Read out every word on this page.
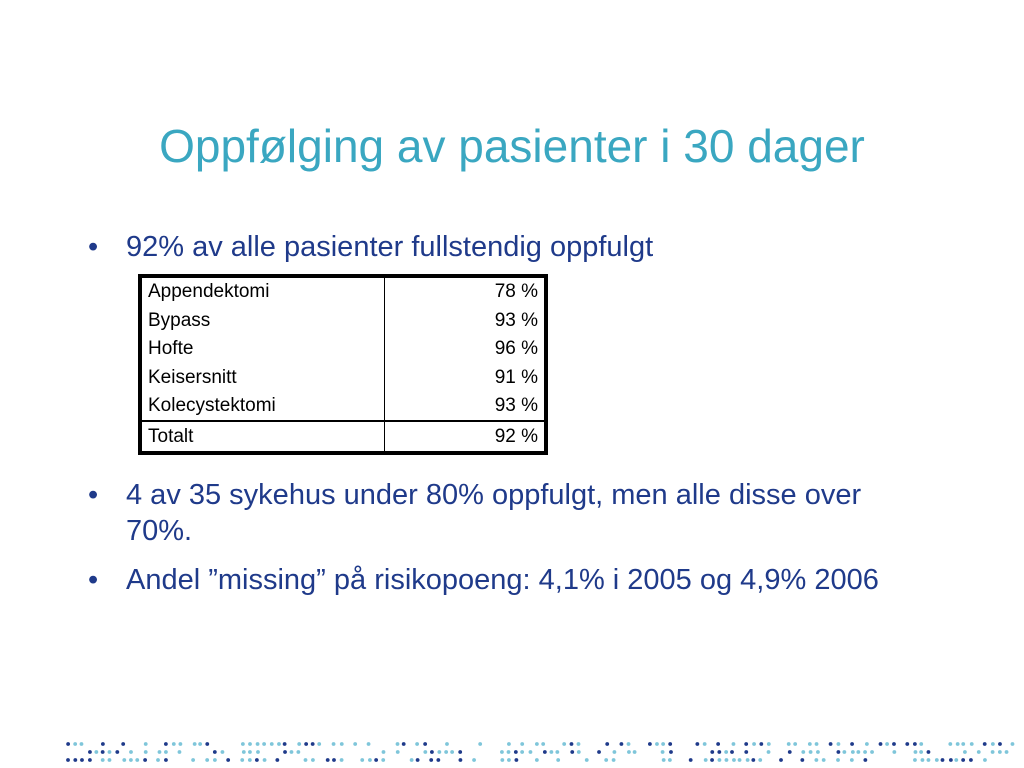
Oppfølging av pasienter i 30 dager
• 92% av alle pasienter fullstendig oppfulgt
Appendektomi	78 %
Bypass	93 %
Hofte	96 %
Keisersnitt	91 %
Kolecystektomi	93 %
Totalt	92 %
• 4 av 35 sykehus under 80% oppfulgt, men alle disse over 70%.
• Andel ”missing” på risikopoeng: 4,1% i 2005 og 4,9% 2006
